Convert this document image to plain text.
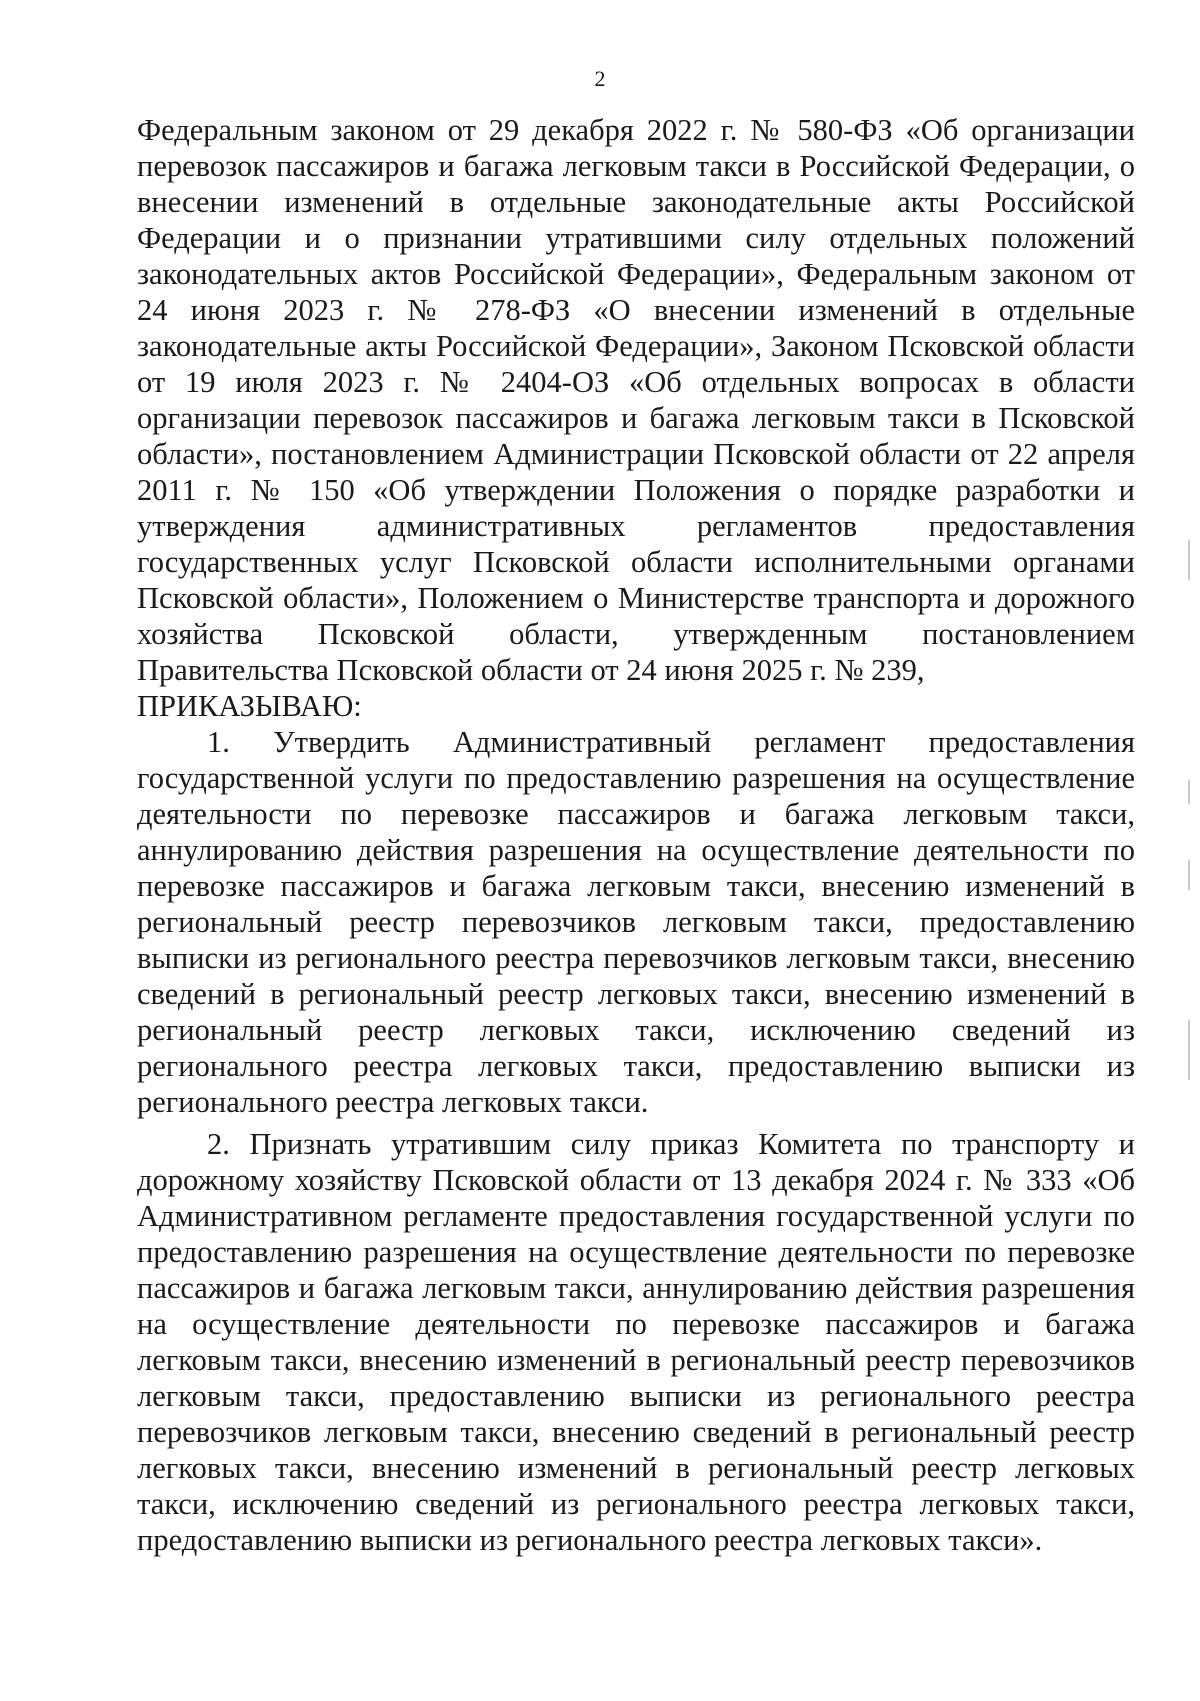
2

Федеральным законом от 29 декабря 2022 г. № 580-ФЗ «Об организации перевозок пассажиров и багажа легковым такси в Российской Федерации, о внесении изменений в отдельные законодательные акты Российской Федерации и о признании утратившими силу отдельных положений законодательных актов Российской Федерации», Федеральным законом от 24 июня 2023 г. № 278-ФЗ «О внесении изменений в отдельные законодательные акты Российской Федерации», Законом Псковской области от 19 июля 2023 г. № 2404-ОЗ «Об отдельных вопросах в области организации перевозок пассажиров и багажа легковым такси в Псковской области», постановлением Администрации Псковской области от 22 апреля 2011 г. № 150 «Об утверждении Положения о порядке разработки и утверждения административных регламентов предоставления государственных услуг Псковской области исполнительными органами Псковской области», Положением о Министерстве транспорта и дорожного хозяйства Псковской области, утвержденным постановлением Правительства Псковской области от 24 июня 2025 г. № 239,

ПРИКАЗЫВАЮ:

1. Утвердить Административный регламент предоставления государственной услуги по предоставлению разрешения на осуществление деятельности по перевозке пассажиров и багажа легковым такси, аннулированию действия разрешения на осуществление деятельности по перевозке пассажиров и багажа легковым такси, внесению изменений в региональный реестр перевозчиков легковым такси, предоставлению выписки из регионального реестра перевозчиков легковым такси, внесению сведений в региональный реестр легковых такси, внесению изменений в региональный реестр легковых такси, исключению сведений из регионального реестра легковых такси, предоставлению выписки из регионального реестра легковых такси.

2. Признать утратившим силу приказ Комитета по транспорту и дорожному хозяйству Псковской области от 13 декабря 2024 г. № 333 «Об Административном регламенте предоставления государственной услуги по предоставлению разрешения на осуществление деятельности по перевозке пассажиров и багажа легковым такси, аннулированию действия разрешения на осуществление деятельности по перевозке пассажиров и багажа легковым такси, внесению изменений в региональный реестр перевозчиков легковым такси, предоставлению выписки из регионального реестра перевозчиков легковым такси, внесению сведений в региональный реестр легковых такси, внесению изменений в региональный реестр легковых такси, исключению сведений из регионального реестра легковых такси, предоставлению выписки из регионального реестра легковых такси».
